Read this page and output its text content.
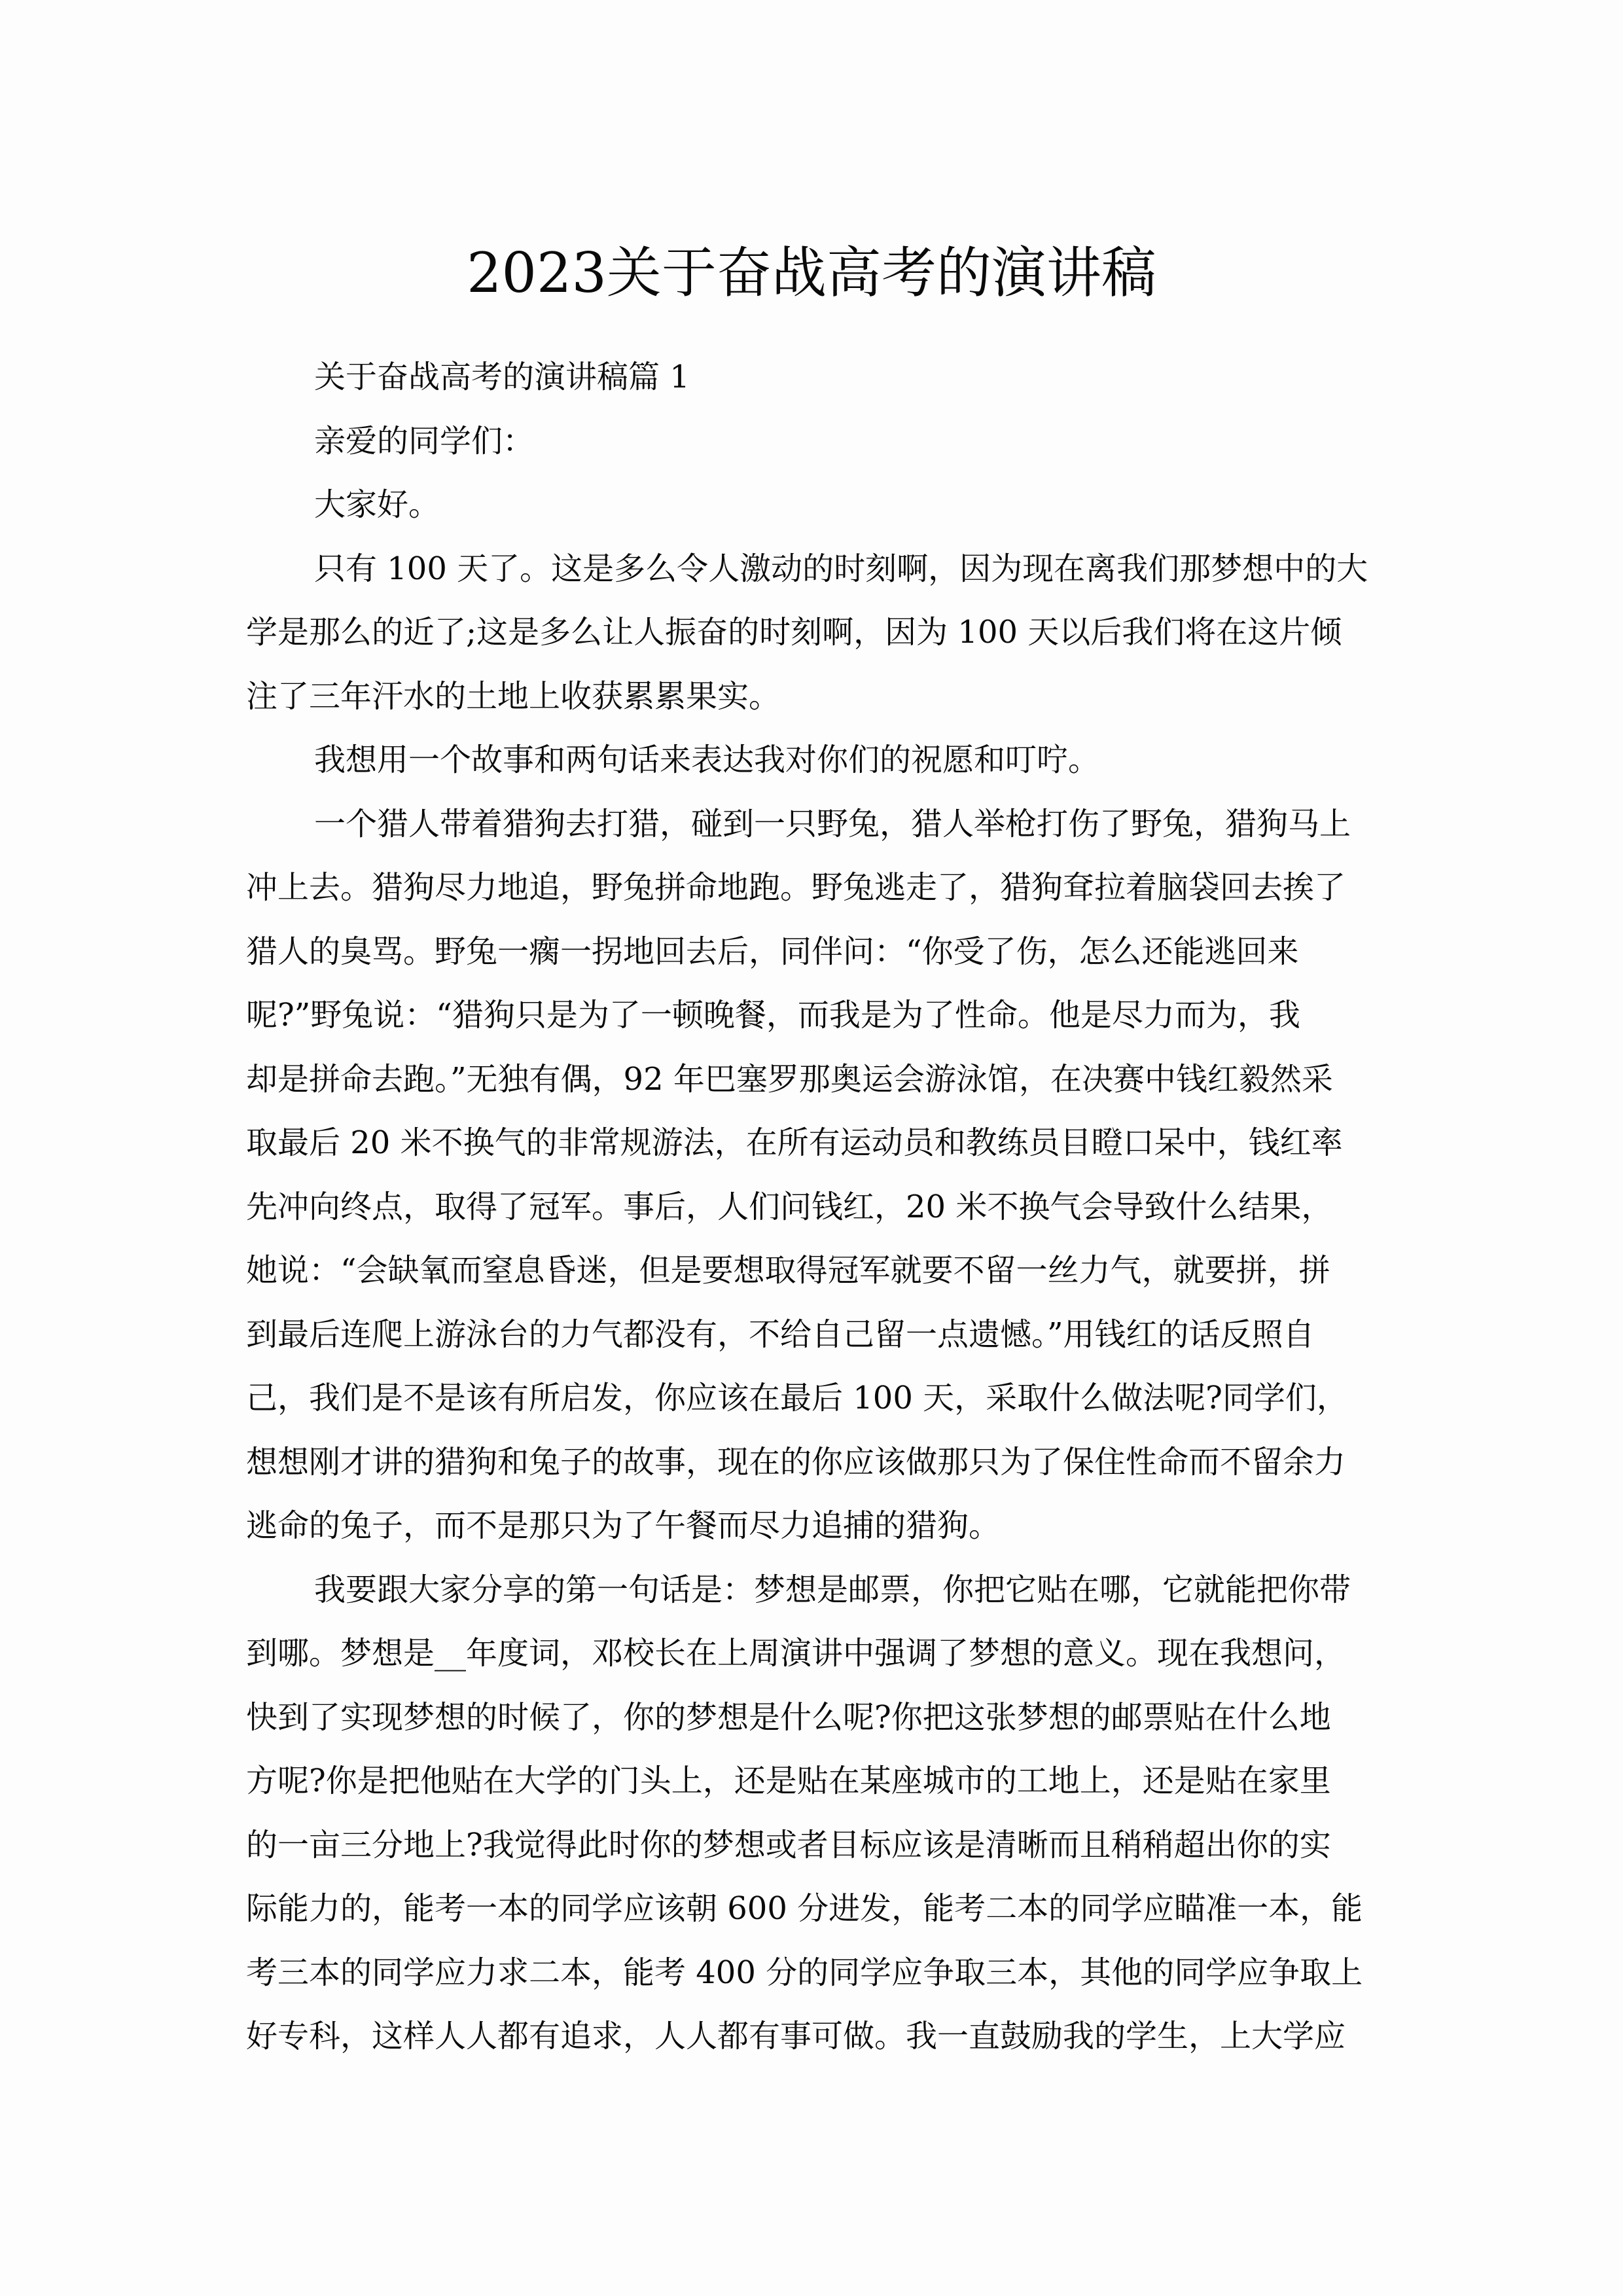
2023关于奋战高考的演讲稿
关于奋战高考的演讲稿篇 1
亲爱的同学们：
大家好。
只有 100 天了。这是多么令人激动的时刻啊，因为现在离我们那梦想中的大
学是那么的近了;这是多么让人振奋的时刻啊，因为 100 天以后我们将在这片倾
注了三年汗水的土地上收获累累果实。
我想用一个故事和两句话来表达我对你们的祝愿和叮咛。
一个猎人带着猎狗去打猎，碰到一只野兔，猎人举枪打伤了野兔，猎狗马上
冲上去。猎狗尽力地追，野兔拼命地跑。野兔逃走了，猎狗耷拉着脑袋回去挨了
猎人的臭骂。野兔一瘸一拐地回去后，同伴问：“你受了伤，怎么还能逃回来
呢?”野兔说：“猎狗只是为了一顿晚餐，而我是为了性命。他是尽力而为，我
却是拼命去跑。”无独有偶，92 年巴塞罗那奥运会游泳馆，在决赛中钱红毅然采
取最后 20 米不换气的非常规游法，在所有运动员和教练员目瞪口呆中，钱红率
先冲向终点，取得了冠军。事后，人们问钱红，20 米不换气会导致什么结果，
她说：“会缺氧而窒息昏迷，但是要想取得冠军就要不留一丝力气，就要拼，拼
到最后连爬上游泳台的力气都没有，不给自己留一点遗憾。”用钱红的话反照自
己，我们是不是该有所启发，你应该在最后 100 天，采取什么做法呢?同学们，
想想刚才讲的猎狗和兔子的故事，现在的你应该做那只为了保住性命而不留余力
逃命的兔子，而不是那只为了午餐而尽力追捕的猎狗。
我要跟大家分享的第一句话是：梦想是邮票，你把它贴在哪，它就能把你带
到哪。梦想是__年度词，邓校长在上周演讲中强调了梦想的意义。现在我想问，
快到了实现梦想的时候了，你的梦想是什么呢?你把这张梦想的邮票贴在什么地
方呢?你是把他贴在大学的门头上，还是贴在某座城市的工地上，还是贴在家里
的一亩三分地上?我觉得此时你的梦想或者目标应该是清晰而且稍稍超出你的实
际能力的，能考一本的同学应该朝 600 分进发，能考二本的同学应瞄准一本，能
考三本的同学应力求二本，能考 400 分的同学应争取三本，其他的同学应争取上
好专科，这样人人都有追求，人人都有事可做。我一直鼓励我的学生，上大学应
